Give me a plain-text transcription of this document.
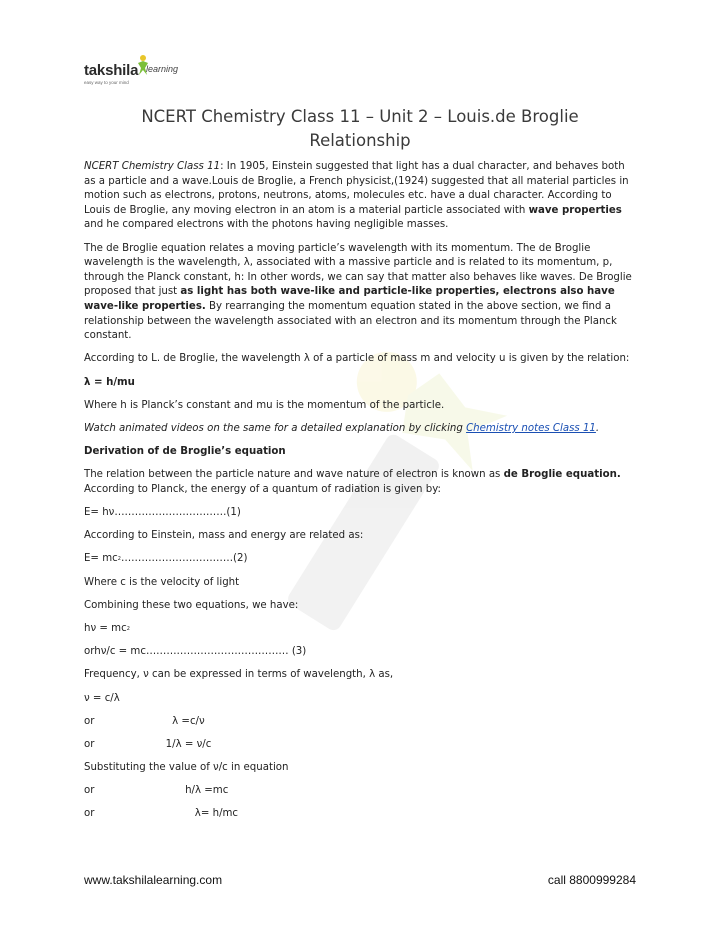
takshila learning
easy way to your mind
NCERT Chemistry Class 11 – Unit 2 – Louis.de Broglie Relationship

NCERT Chemistry Class 11: In 1905, Einstein suggested that light has a dual character, and behaves both as a particle and a wave.Louis de Broglie, a French physicist,(1924) suggested that all material particles in motion such as electrons, protons, neutrons, atoms, molecules etc. have a dual character. According to Louis de Broglie, any moving electron in an atom is a material particle associated with wave properties and he compared electrons with the photons having negligible masses.

The de Broglie equation relates a moving particle’s wavelength with its momentum. The de Broglie wavelength is the wavelength, λ, associated with a massive particle and is related to its momentum, p, through the Planck constant, h: In other words, we can say that matter also behaves like waves. De Broglie proposed that just as light has both wave-like and particle-like properties, electrons also have wave-like properties. By rearranging the momentum equation stated in the above section, we find a relationship between the wavelength associated with an electron and its momentum through the Planck constant.

According to L. de Broglie, the wavelength λ of a particle of mass m and velocity u is given by the relation:

λ = h/mu

Where h is Planck’s constant and mu is the momentum of the particle.

Watch animated videos on the same for a detailed explanation by clicking Chemistry notes Class 11.

Derivation of de Broglie’s equation

The relation between the particle nature and wave nature of electron is known as de Broglie equation. According to Planck, the energy of a quantum of radiation is given by:

E= hν……………………………(1)

According to Einstein, mass and energy are related as:

$E= mc^2\dots\dots\dots\dots\dots\dots\dots\dots\dots\dots\dots(2)$

Where c is the velocity of light

Combining these two equations, we have:

$h\nu = mc^2$

orhν/c = mc…………………………………… (3)

Frequency, ν can be expressed in terms of wavelength, λ as,

ν = c/λ

or                        λ =c/ν

or                      1/λ = ν/c

Substituting the value of ν/c in equation

or                            h/λ =mc

or                               λ= h/mc

www.takshilalearning.com	call 8800999284
